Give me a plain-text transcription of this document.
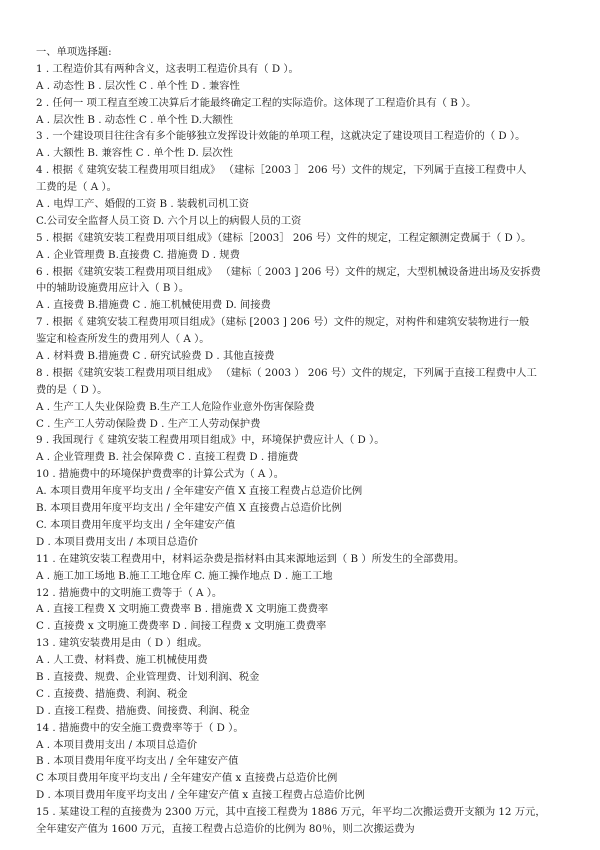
一、单项选择题:
1 . 工程造价其有两种含义，这表明工程造价具有（ D ）。
A . 动态性 B . 层次性 C . 单个性 D . 兼容性
2 . 任何一 项工程直至竣工决算后才能最终确定工程的实际造价。这体现了工程造价具有（ B ）。
A . 层次性 B . 动态性 C . 单个性 D.大额性
3 . 一个建设项目往往含有多个能够独立发挥设计效能的单项工程，这就决定了建设项目工程造价的（ D ）。
A . 大额性 B. 兼容性 C . 单个性 D. 层次性
4 . 根据《 建筑安装工程费用项目组成》 （建标［2003 ］ 206 号）文件的规定，下列属于直接工程费中人
工费的是（ A ）。
A . 电焊工产、婚假的工资 B . 装载机司机工资
C.公司安全监督人员工资 D. 六个月以上的病假人员的工资
5 . 根据《建筑安装工程费用项目组成》（建标［2003］ 206 号）文件的规定，工程定额测定费属于（ D ）。
A . 企业管理费 B.直接费 C. 措施费 D . 规费
6 . 根据《建筑安装工程费用项目组成》 （建标〔 2003 ] 206 号）文件的规定，大型机械设备进出场及安拆费
中的辅助设施费用应计入（ B ）。
A . 直接费 B.措施费 C . 施工机械使用费 D. 间接费
7 . 根据《 建筑安装工程费用项目组成》（建标 [2003 ] 206 号）文件的规定，对构件和建筑安装物进行一般
鉴定和检查所发生的费用列人（ A ）。
A . 材料费 B.措施费 C . 研究试验费 D . 其他直接费
8 . 根据《建筑安装工程费用项目组成》 （建标（ 2003 ） 206 号）文件的规定，下列属于直接工程费中人工
费的是（ D ）。
A . 生产工人失业保险费 B.生产工人危险作业意外伤害保险费
C . 生产工人劳动保险费 D . 生产工人劳动保护费
9 . 我国现行《 建筑安装工程费用项目组成》中，环境保护费应计人（ D ）。
A . 企业管理费 B. 社会保障费 C . 直接工程费 D . 措施费
10 . 措施费中的环境保护费费率的计算公式为（ A ）。
A. 本项目费用年度平均支出 / 全年建安产值 X 直接工程费占总造价比例
B. 本项目费用年度平均支出 / 全年建安产值 X 直接费占总造价比例
C. 本项目费用年度平均支出 / 全年建安产值
D . 本项目费用支出 / 本项目总造价
11 . 在建筑安装工程费用中，材料运杂费是指材料由其来源地运到（ B ）所发生的全部费用。
A . 施工加工场地 B.施工工地仓库 C. 施工操作地点 D . 施工工地
12 . 措施费中的文明施工费等于（ A ）。
A . 直接工程费 X 文明施工费费率 B . 措施费 X 文明施工费费率
C . 直接费 x 文明施工费费率 D . 间接工程费 x 文明施工费费率
13 . 建筑安装费用是由（ D ）组成。
A . 人工费、材料费、施工机械使用费
B . 直接费、规费、企业管理费、计划利润、税金
C . 直接费、措施费、利润、税金
D . 直接工程费、措施费、间接费、利润、税金
14 . 措施费中的安全施工费费率等于（ D ）。
A . 本项目费用支出 / 本项目总造价
B . 本项目费用年度平均支出 / 全年建安产值
C 本项目费用年度平均支出 / 全年建安产值 x 直接费占总造价比例
D . 本项目费用年度平均支出 / 全年建安产值 x 直接工程费占总造价比例
15 . 某建设工程的直接费为 2300 万元，其中直接工程费为 1886 万元，年平均二次搬运费开支额为 12 万元，
全年建安产值为 1600 万元，直接工程费占总造价的比例为 80％，则二次搬运费为
